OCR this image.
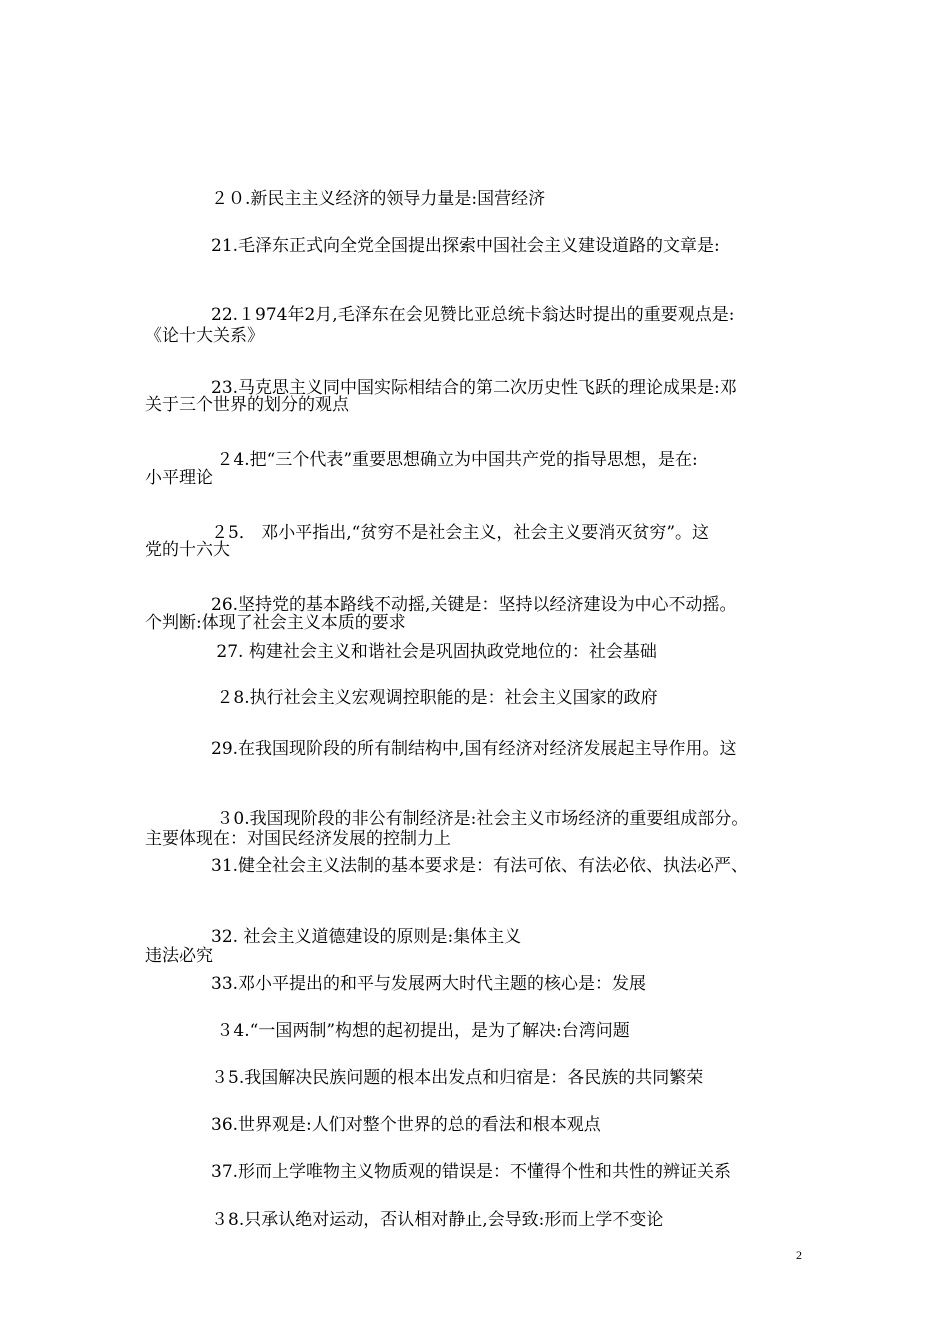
２０.新民主主义经济的领导力量是:国营经济

21.毛泽东正式向全党全国提出探索中国社会主义建设道路的文章是:

《论十大关系》

22.１974年2月,毛泽东在会见赞比亚总统卡翁达时提出的重要观点是:

关于三个世界的划分的观点

23.马克思主义同中国实际相结合的第二次历史性飞跃的理论成果是:邓

小平理论

２4.把“三个代表”重要思想确立为中国共产党的指导思想，是在:

党的十六大

２5． 邓小平指出,“贫穷不是社会主义，社会主义要消灭贫穷”。这

个判断:体现了社会主义本质的要求

26.坚持党的基本路线不动摇,关键是：坚持以经济建设为中心不动摇。

27. 构建社会主义和谐社会是巩固执政党地位的：社会基础

２8.执行社会主义宏观调控职能的是：社会主义国家的政府

29.在我国现阶段的所有制结构中,国有经济对经济发展起主导作用。这

主要体现在：对国民经济发展的控制力上

３0.我国现阶段的非公有制经济是:社会主义市场经济的重要组成部分。

31.健全社会主义法制的基本要求是：有法可依、有法必依、执法必严、

违法必究

32. 社会主义道德建设的原则是:集体主义

33.邓小平提出的和平与发展两大时代主题的核心是：发展

３4.“一国两制”构想的起初提出，是为了解决:台湾问题

３5.我国解决民族问题的根本出发点和归宿是：各民族的共同繁荣

36.世界观是:人们对整个世界的总的看法和根本观点

37.形而上学唯物主义物质观的错误是：不懂得个性和共性的辨证关系

３8.只承认绝对运动，否认相对静止,会导致:形而上学不变论

2
